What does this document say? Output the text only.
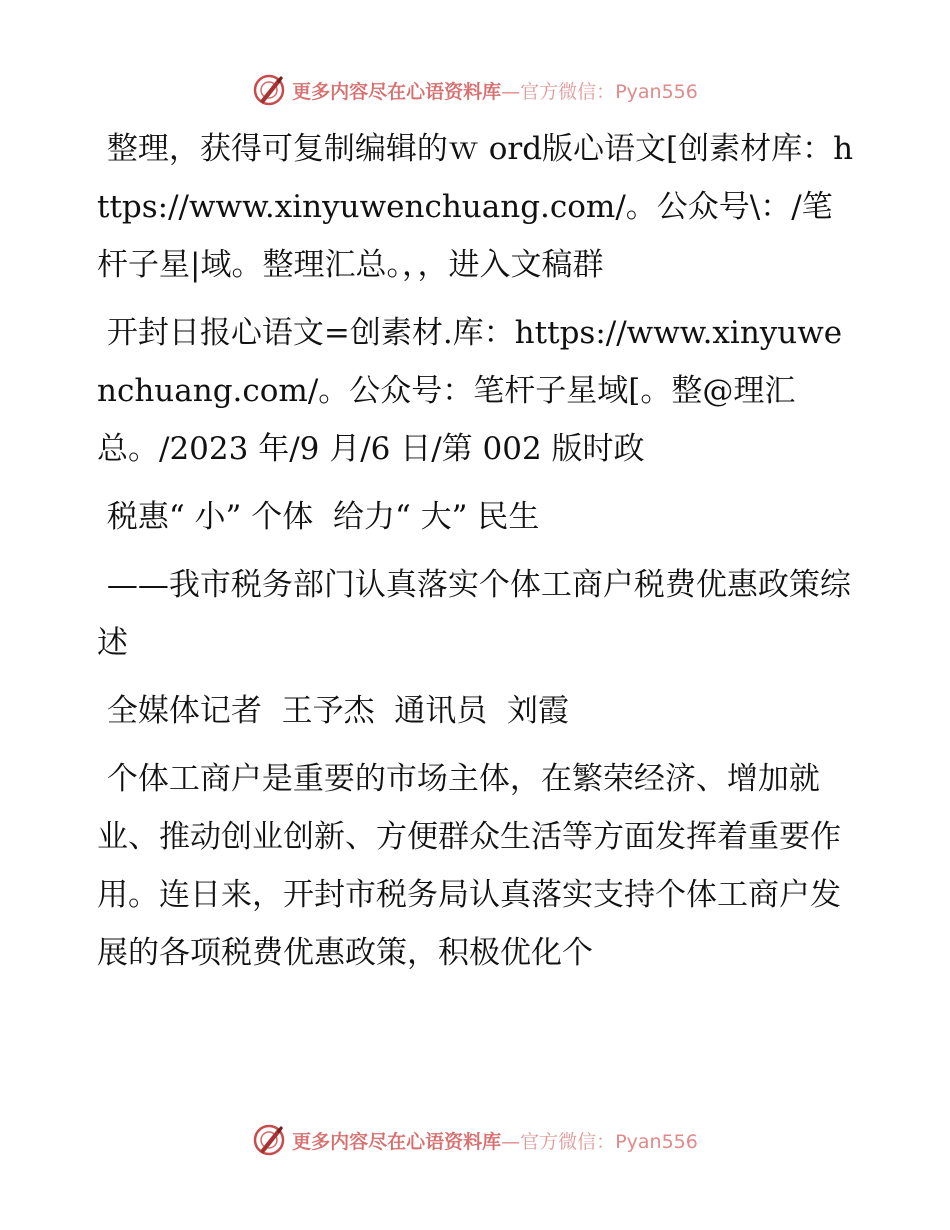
更多内容尽在心语资料库—官方微信：Pyan556

整理，获得可复制编辑的ｗ ord版心语文[创素材库：https://www.xinyuwenchuang.com/。公众号\：/笔杆子星|域。整理汇总。，，进入文稿群

开封日报心语文=创素材.库：https://www.xinyuwenchuang.com/。公众号：笔杆子星域[。整@理汇总。/2023 年/9 月/6 日/第 002 版时政

税惠“ 小” 个体  给力“ 大” 民生

——我市税务部门认真落实个体工商户税费优惠政策综述

全媒体记者  王予杰  通讯员  刘霞

个体工商户是重要的市场主体，在繁荣经济、增加就业、推动创业创新、方便群众生活等方面发挥着重要作用。连日来，开封市税务局认真落实支持个体工商户发展的各项税费优惠政策，积极优化个

更多内容尽在心语资料库—官方微信：Pyan556
